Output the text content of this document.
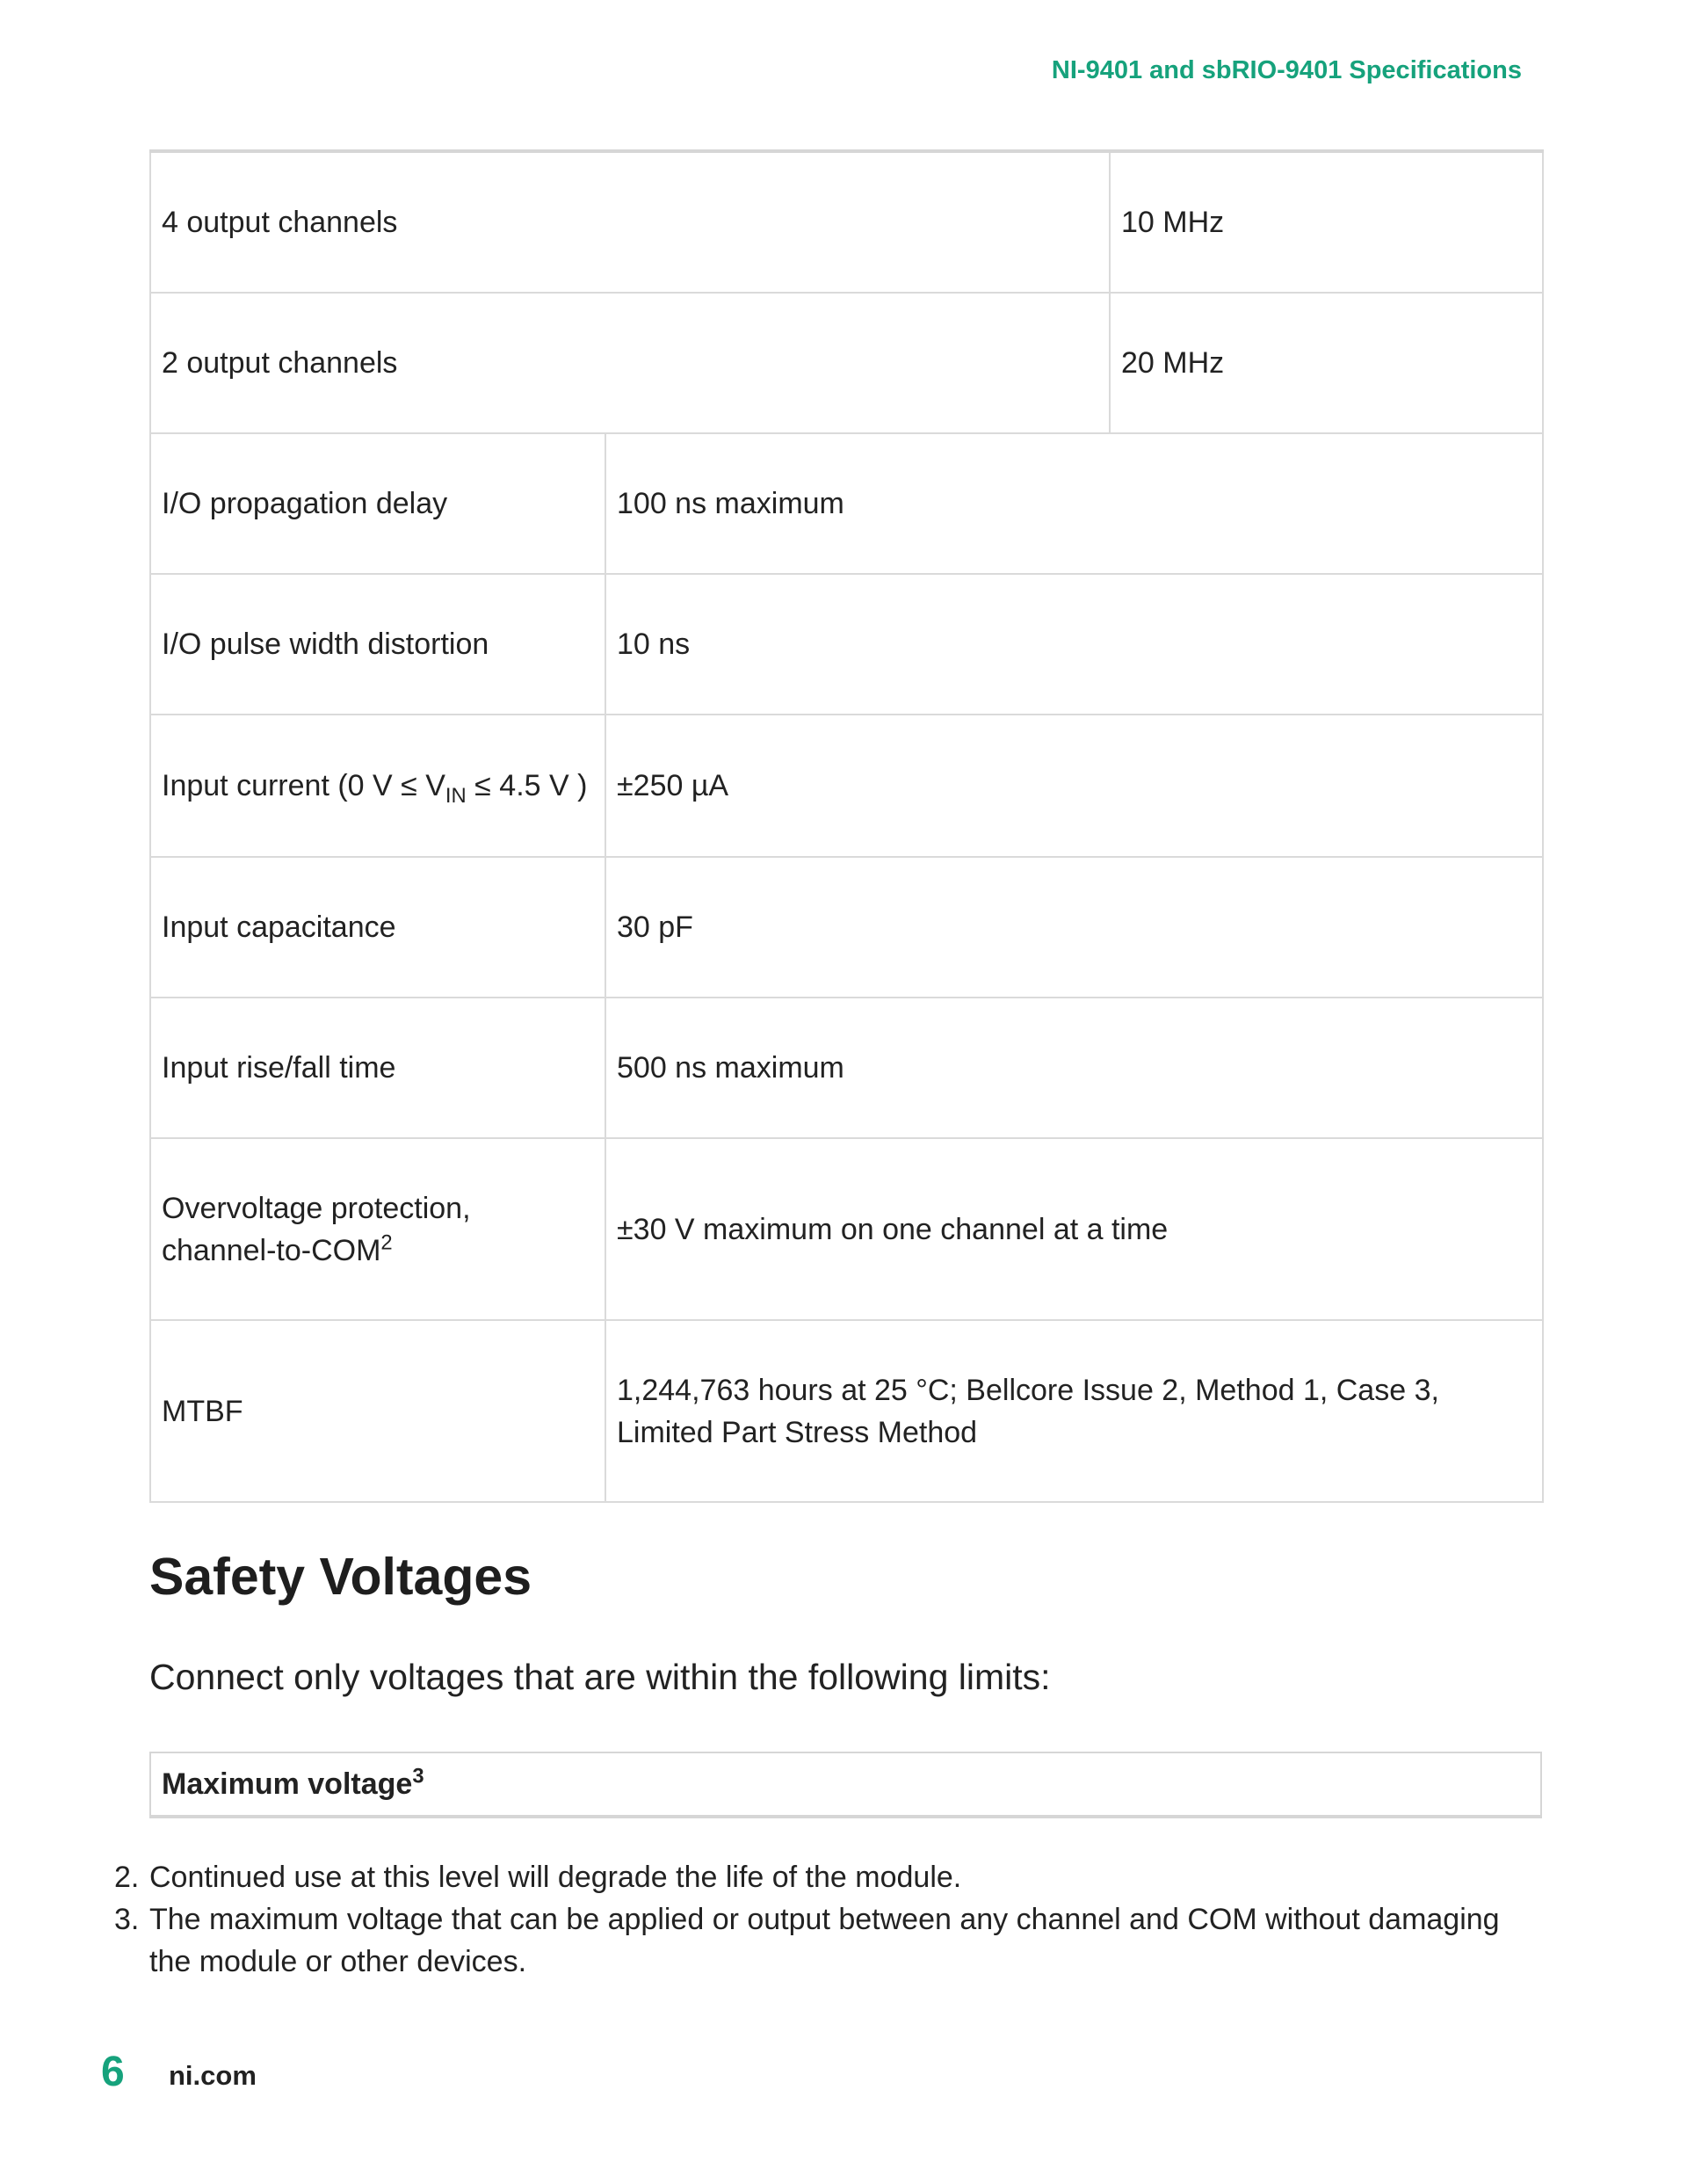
NI-9401 and sbRIO-9401 Specifications
4 output channels		10 MHz
2 output channels		20 MHz
I/O propagation delay	100 ns maximum	
I/O pulse width distortion	10 ns	
Input current (0 $V \le V_{IN} \le 4.5$ V )	±250 µA	
Input capacitance	30 pF	
Input rise/fall time	500 ns maximum	
Overvoltage protection,
channel-$to-COM^2$	±30 V maximum on one channel at a time	
MTBF	1,244,763 hours at 25 °C; Bellcore Issue 2, Method 1, Case 3,
Limited Part Stress Method	
Safety Voltages

Connect only voltages that are within the following limits:

Maximum voltage$^3$
2. Continued use at this level will degrade the life of the module.
3. The maximum voltage that can be applied or output between any channel and COM without damaging the module or other devices.
6 ni.com
